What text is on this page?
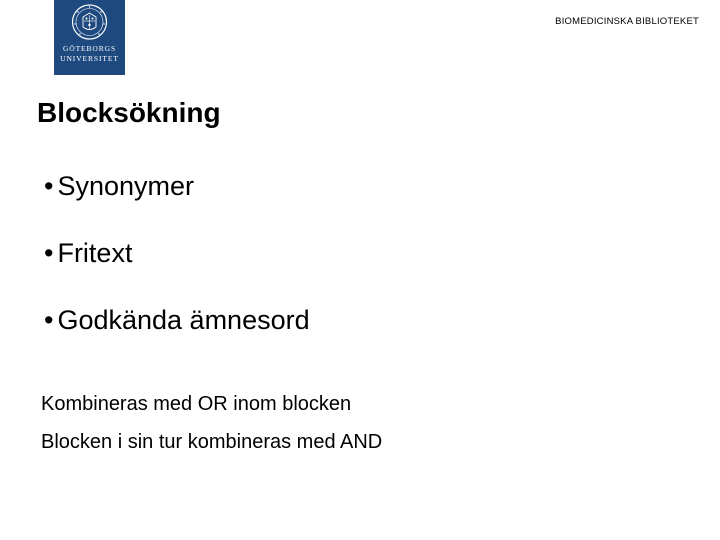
GÖTEBORGS
UNIVERSITET
BIOMEDICINSKA BIBLIOTEKET
Blocksökning
• Synonymer
• Fritext
• Godkända ämnesord

Kombineras med OR inom blocken

Blocken i sin tur kombineras med AND
